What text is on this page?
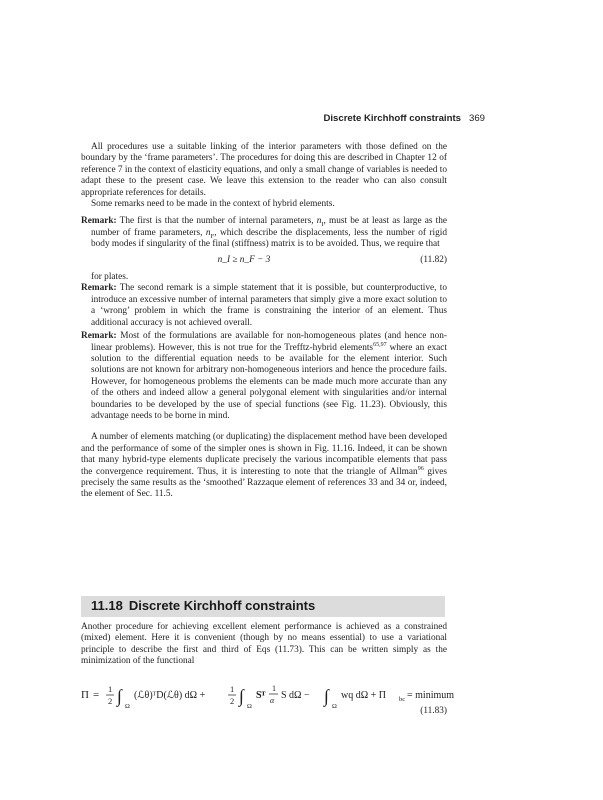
Discrete Kirchhoff constraints 369

All procedures use a suitable linking of the interior parameters with those defined on the boundary by the ‘frame parameters’. The procedures for doing this are described in Chapter 12 of reference 7 in the context of elasticity equations, and only a small change of variables is needed to adapt these to the present case. We leave this extension to the reader who can also consult appropriate references for details.

Some remarks need to be made in the context of hybrid elements.

Remark: The first is that the number of internal parameters, $n_I$, must be at least as large as the number of frame parameters, $n_F$, which describe the displacements, less the number of rigid body modes if singularity of the final (stiffness) matrix is to be avoided. Thus, we require that
n_I ≥ n_F − 3	(11.82)

for plates.

Remark: The second remark is a simple statement that it is possible, but counterproductive, to introduce an excessive number of internal parameters that simply give a more exact solution to a ‘wrong’ problem in which the frame is constraining the interior of an element. Thus additional accuracy is not achieved overall.
Remark: Most of the formulations are available for non-homogeneous plates (and hence non-linear problems). However, this is not true for the Trefftz-hybrid elements$^{65,97}$ where an exact solution to the differential equation needs to be available for the element interior. Such solutions are not known for arbitrary non-homogeneous interiors and hence the procedure fails. However, for homogeneous problems the elements can be made much more accurate than any of the others and indeed allow a general polygonal element with singularities and/or internal boundaries to be developed by the use of special functions (see Fig. 11.23). Obviously, this advantage needs to be borne in mind.

A number of elements matching (or duplicating) the displacement method have been developed and the performance of some of the simpler ones is shown in Fig. 11.16. Indeed, it can be shown that many hybrid-type elements duplicate precisely the various incompatible elements that pass the convergence requirement. Thus, it is interesting to note that the triangle of Allman$^{96}$ gives precisely the same results as the ‘smoothed’ Razzaque element of references 33 and 34 or, indeed, the element of Sec. 11.5.

11.18 Discrete Kirchhoff constraints

Another procedure for achieving excellent element performance is achieved as a constrained (mixed) element. Here it is convenient (though by no means essential) to use a variational principle to describe the first and third of Eqs (11.73). This can be written simply as the minimization of the functional

Π = 1
2 ∫
Ω
(ℒθ)ᵀD(ℒθ) dΩ +
1
2 ∫
Ω
Sᵀ
1
α S dΩ − ∫
Ω
wq dΩ + Π bc = minimum
(11.83)
